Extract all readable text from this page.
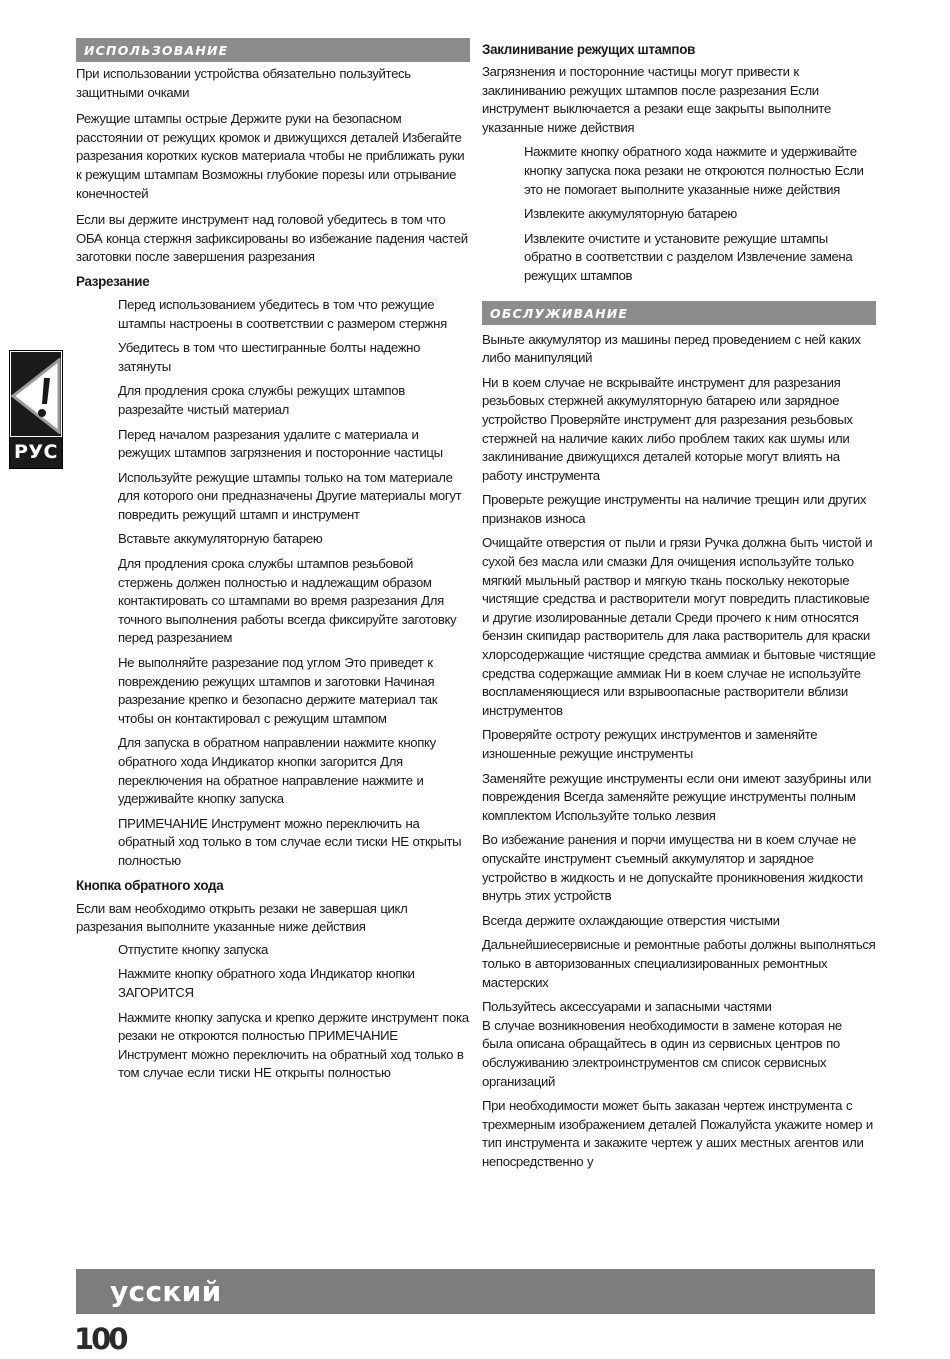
ИСПОЛЬЗОВАНИЕ

При использовании устройства обязательно пользуйтесь защитными очками

Режущие штампы острые Держите руки на безопасном расстоянии от режущих кромок и движущихся деталей Избегайте разрезания коротких кусков материала чтобы не приближать руки к режущим штампам Возможны глубокие порезы или отрывание конечностей

Если вы держите инструмент над головой убедитесь в том что ОБА конца стержня зафиксированы во избежание падения частей заготовки после завершения разрезания

Разрезание

Перед использованием убедитесь в том что режущие штампы настроены в соответствии с размером стержня

Убедитесь в том что шестигранные болты надежно затянуты

Для продления срока службы режущих штампов разрезайте чистый материал

Перед началом разрезания удалите с материала и режущих штампов загрязнения и посторонние частицы

Используйте режущие штампы только на том материале для которого они предназначены Другие материалы могут повредить режущий штамп и инструмент

Вставьте аккумуляторную батарею

Для продления срока службы штампов резьбовой стержень должен полностью и надлежащим образом контактировать со штампами во время разрезания Для точного выполнения работы всегда фиксируйте заготовку перед разрезанием

Не выполняйте разрезание под углом Это приведет к повреждению режущих штампов и заготовки Начиная разрезание крепко и безопасно держите материал так чтобы он контактировал с режущим штампом

Для запуска в обратном направлении нажмите кнопку обратного хода Индикатор кнопки загорится Для переключения на обратное направление нажмите и удерживайте кнопку запуска

ПРИМЕЧАНИЕ Инструмент можно переключить на обратный ход только в том случае если тиски НЕ открыты полностью

Кнопка обратного хода

Если вам необходимо открыть резаки не завершая цикл разрезания выполните указанные ниже действия

Отпустите кнопку запуска

Нажмите кнопку обратного хода Индикатор кнопки ЗАГОРИТСЯ

Нажмите кнопку запуска и крепко держите инструмент пока резаки не откроются полностью ПРИМЕЧАНИЕ Инструмент можно переключить на обратный ход только в том случае если тиски НЕ открыты полностью

Заклинивание режущих штампов

Загрязнения и посторонние частицы могут привести к заклиниванию режущих штампов после разрезания Если инструмент выключается а резаки еще закрыты выполните указанные ниже действия

Нажмите кнопку обратного хода нажмите и удерживайте кнопку запуска пока резаки не откроются полностью Если это не помогает выполните указанные ниже действия

Извлеките аккумуляторную батарею

Извлеките очистите и установите режущие штампы обратно в соответствии с разделом Извлечение замена режущих штампов

ОБСЛУЖИВАНИЕ

Выньте аккумулятор из машины перед проведением с ней каких либо манипуляций

Ни в коем случае не вскрывайте инструмент для разрезания резьбовых стержней аккумуляторную батарею или зарядное устройство Проверяйте инструмент для разрезания резьбовых стержней на наличие каких либо проблем таких как шумы или заклинивание движущихся деталей которые могут влиять на работу инструмента

Проверьте режущие инструменты на наличие трещин или других признаков износа

Очищайте отверстия от пыли и грязи Ручка должна быть чистой и сухой без масла или смазки Для очищения используйте только мягкий мыльный раствор и мягкую ткань поскольку некоторые чистящие средства и растворители могут повредить пластиковые и другие изолированные детали Среди прочего к ним относятся бензин скипидар растворитель для лака растворитель для краски хлорсодержащие чистящие средства аммиак и бытовые чистящие средства содержащие аммиак Ни в коем случае не используйте воспламеняющиеся или взрывоопасные растворители вблизи инструментов

Проверяйте остроту режущих инструментов и заменяйте изношенные режущие инструменты

Заменяйте режущие инструменты если они имеют зазубрины или повреждения Всегда заменяйте режущие инструменты полным комплектом Используйте только лезвия

Во избежание ранения и порчи имущества ни в коем случае не опускайте инструмент съемный аккумулятор и зарядное устройство в жидкость и не допускайте проникновения жидкости внутрь этих устройств

Всегда держите охлаждающие отверстия чистыми

Дальнейшиесервисные и ремонтные работы должны выполняться только в авторизованных специализированных ремонтных мастерских

Пользуйтесь аксессуарами и запасными частями

В случае возникновения необходимости в замене которая не была описана обращайтесь в один из сервисных центров по обслуживанию электроинструментов см список сервисных организаций

При необходимости может быть заказан чертеж инструмента с трехмерным изображением деталей Пожалуйста укажите номер и тип инструмента и закажите чертеж у аших местных агентов или непосредственно у

РУС
усский
100
